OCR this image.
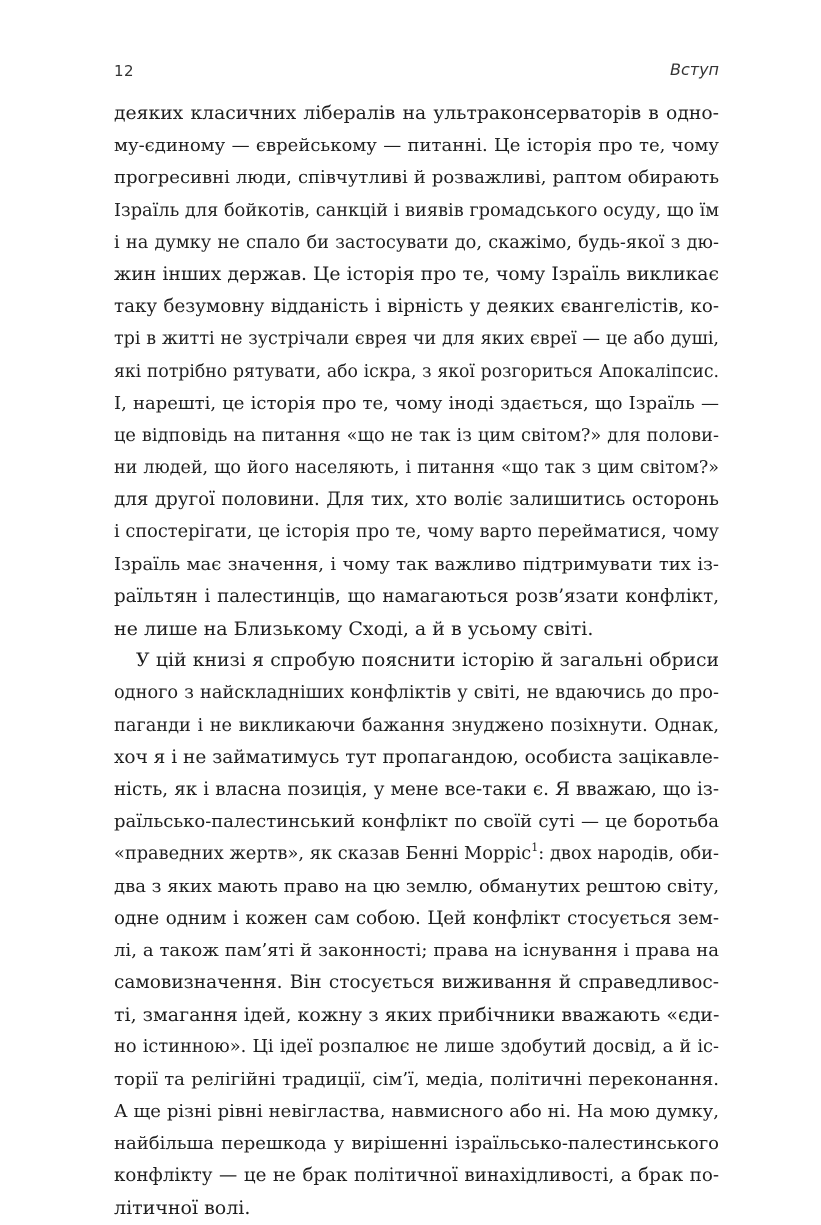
12	Вступ
деяких класичних лібералів на ультраконсерваторів в одно-
му-єдиному — єврейському — питанні. Це історія про те, чому
прогресивні люди, співчутливі й розважливі, раптом обирають
Ізраїль для бойкотів, санкцій і виявів громадського осуду, що їм
і на думку не спало би застосувати до, скажімо, будь-якої з дю-
жин інших держав. Це історія про те, чому Ізраїль викликає
таку безумовну відданість і вірність у деяких євангелістів, ко-
трі в житті не зустрічали єврея чи для яких євреї — це або душі,
які потрібно рятувати, або іскра, з якої розгориться Апокаліпсис.
І, нарешті, це історія про те, чому іноді здається, що Ізраїль —
це відповідь на питання «що не так із цим світом?» для полови-
ни людей, що його населяють, і питання «що так з цим світом?»
для другої половини. Для тих, хто воліє залишитись осторонь
і спостерігати, це історія про те, чому варто перейматися, чому
Ізраїль має значення, і чому так важливо підтримувати тих із-
раїльтян і палестинців, що намагаються розв’язати конфлікт,
не лише на Близькому Сході, а й в усьому світі.
У цій книзі я спробую пояснити історію й загальні обриси
одного з найскладніших конфліктів у світі, не вдаючись до про-
паганди і не викликаючи бажання знуджено позіхнути. Однак,
хоч я і не займатимусь тут пропагандою, особиста зацікавле-
ність, як і власна позиція, у мене все-таки є. Я вважаю, що із-
раїльсько-палестинський конфлікт по своїй суті — це боротьба
«праведних жертв», як сказав Бенні Морріс$^1$: двох народів, оби-
два з яких мають право на цю землю, обманутих рештою світу,
одне одним і кожен сам собою. Цей конфлікт стосується зем-
лі, а також пам’яті й законності; права на існування і права на
самовизначення. Він стосується виживання й справедливос-
ті, змагання ідей, кожну з яких прибічники вважають «єди-
но істинною». Ці ідеї розпалює не лише здобутий досвід, а й іс-
торії та релігійні традиції, сім’ї, медіа, політичні переконання.
А ще різні рівні невігластва, навмисного або ні. На мою думку,
найбільша перешкода у вирішенні ізраїльсько-палестинського
конфлікту — це не брак політичної винахідливості, а брак по-
літичної волі.
